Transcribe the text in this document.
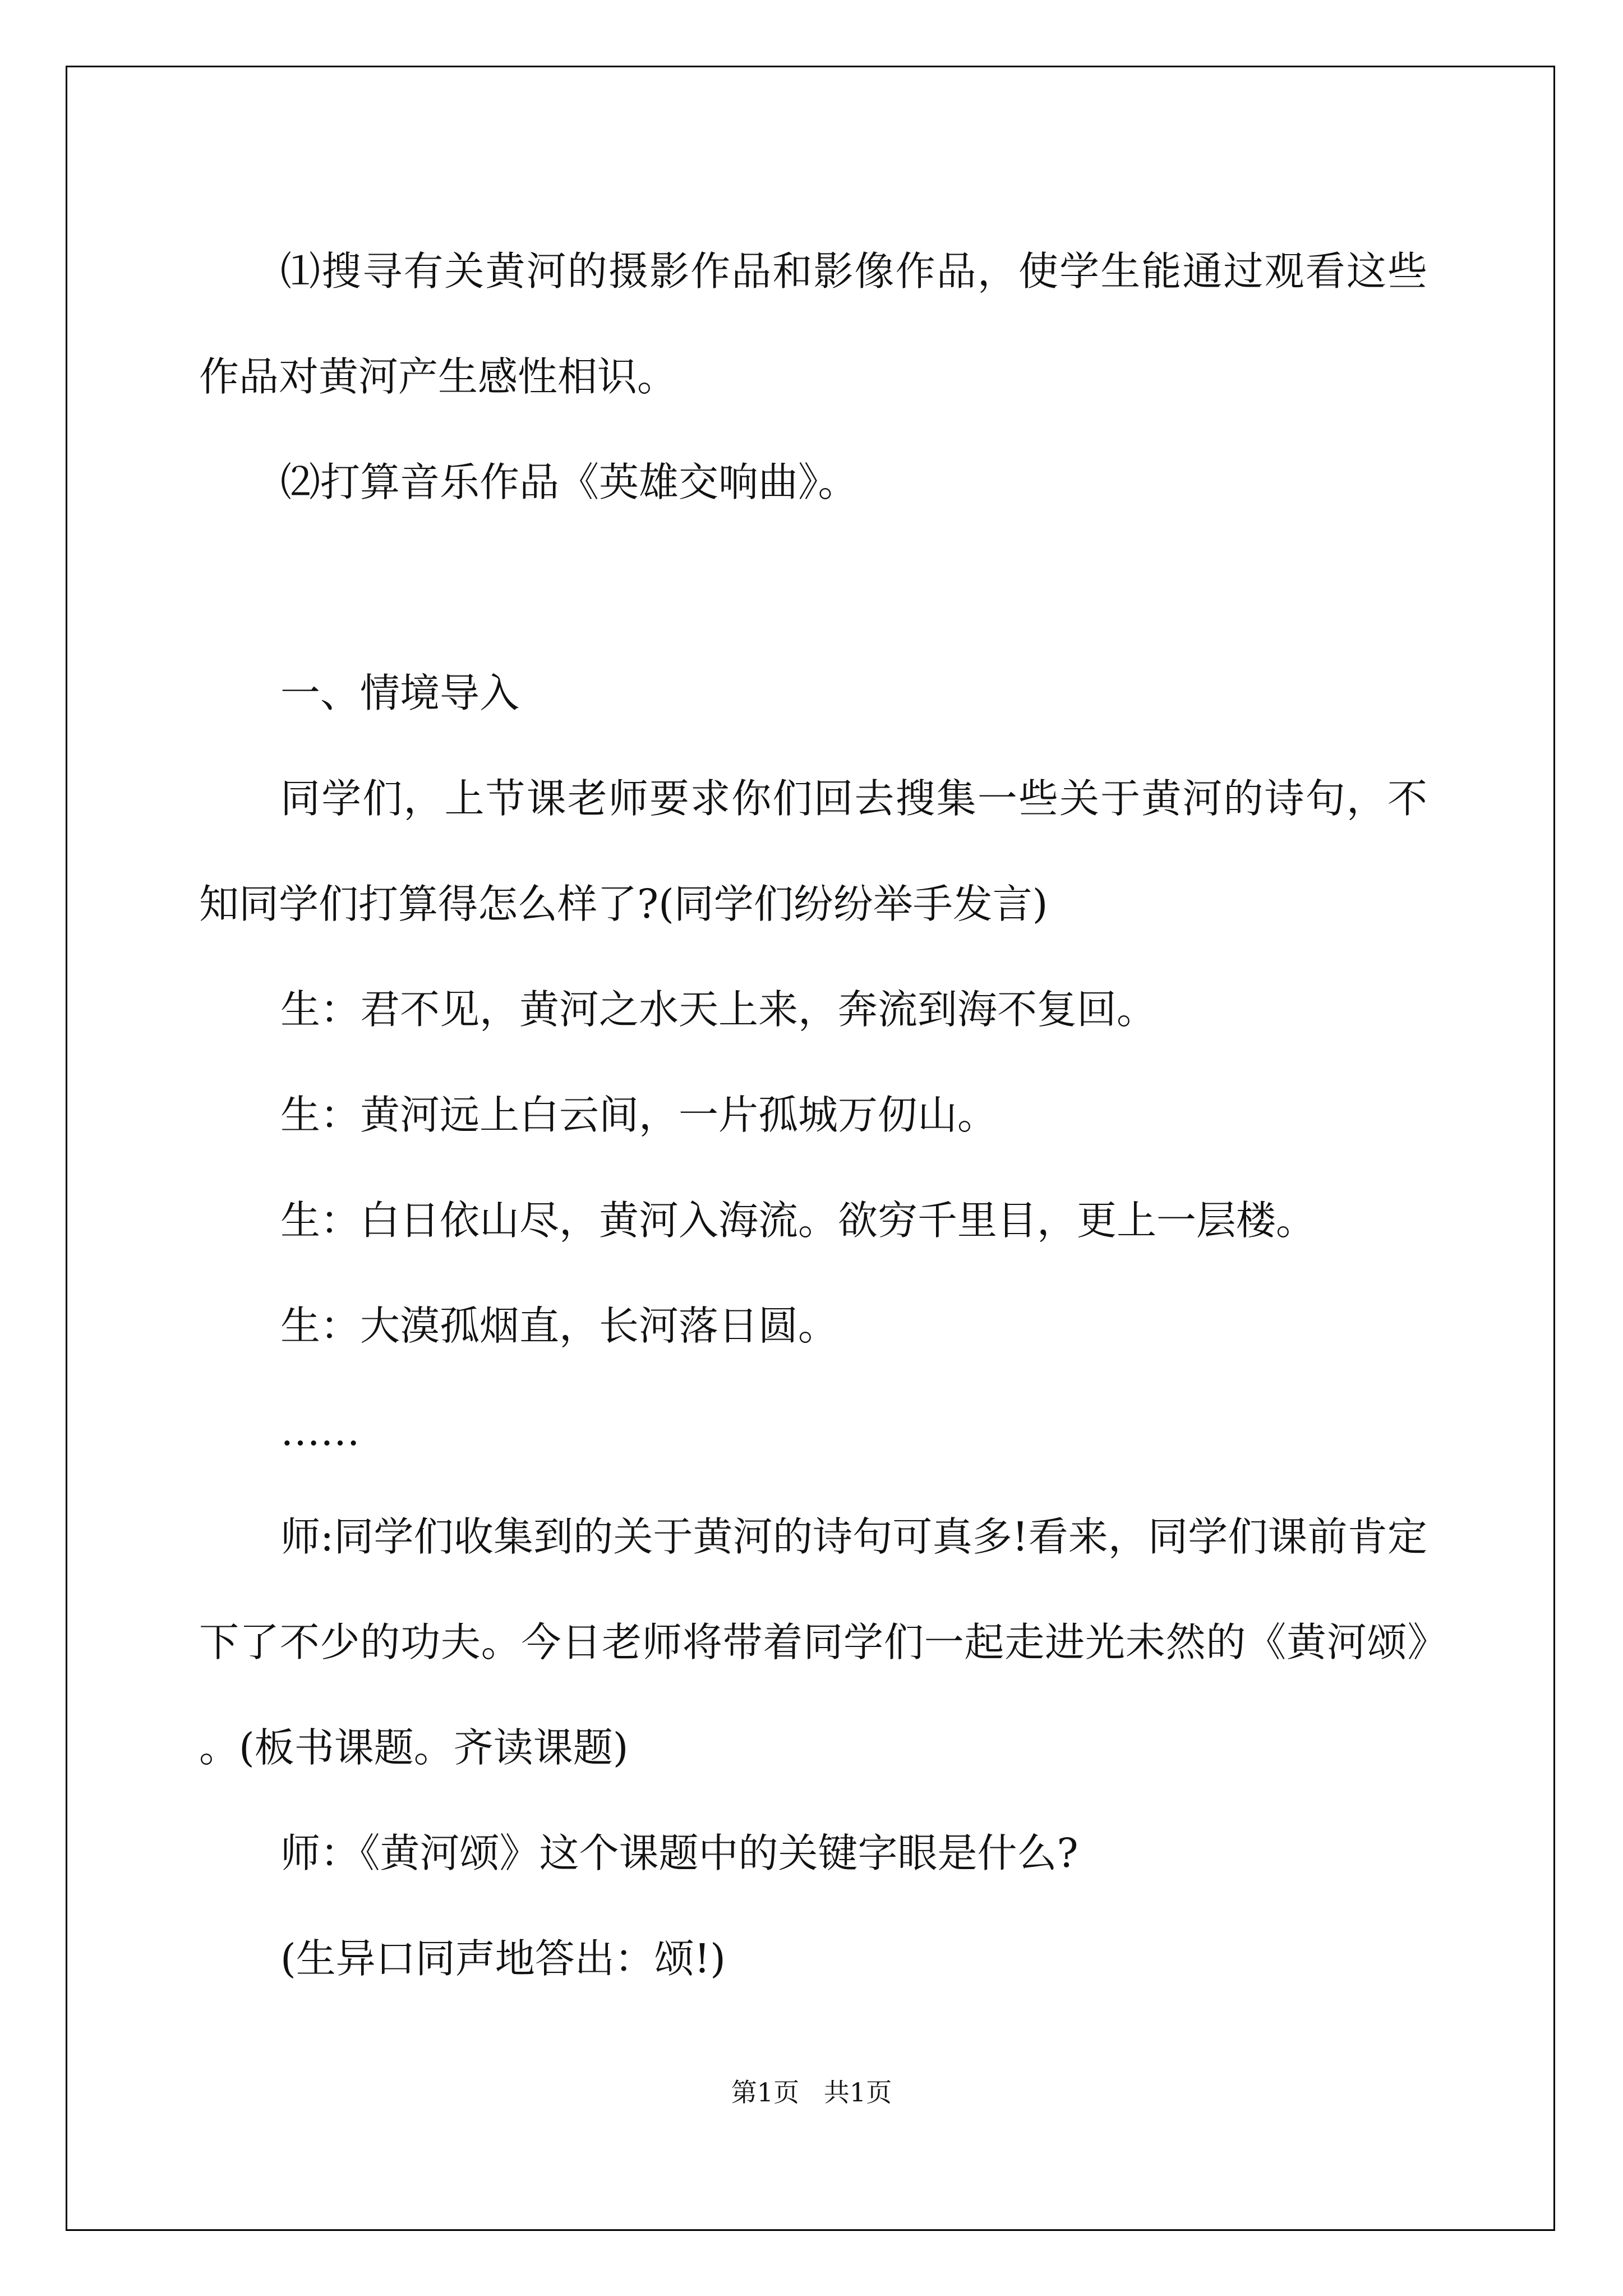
⑴搜寻有关黄河的摄影作品和影像作品，使学生能通过观看这些作品对黄河产生感性相识。

⑵打算音乐作品《英雄交响曲》。

一、情境导入

同学们，上节课老师要求你们回去搜集一些关于黄河的诗句，不知同学们打算得怎么样了?(同学们纷纷举手发言)

生：君不见，黄河之水天上来，奔流到海不复回。

生：黄河远上白云间，一片孤城万仞山。

生：白日依山尽，黄河入海流。欲穷千里目，更上一层楼。

生：大漠孤烟直，长河落日圆。

……

师:同学们收集到的关于黄河的诗句可真多!看来，同学们课前肯定下了不少的功夫。今日老师将带着同学们一起走进光未然的《黄河颂》。(板书课题。齐读课题)

师：《黄河颂》这个课题中的关键字眼是什么?

(生异口同声地答出：颂!)

第1页   共1页
